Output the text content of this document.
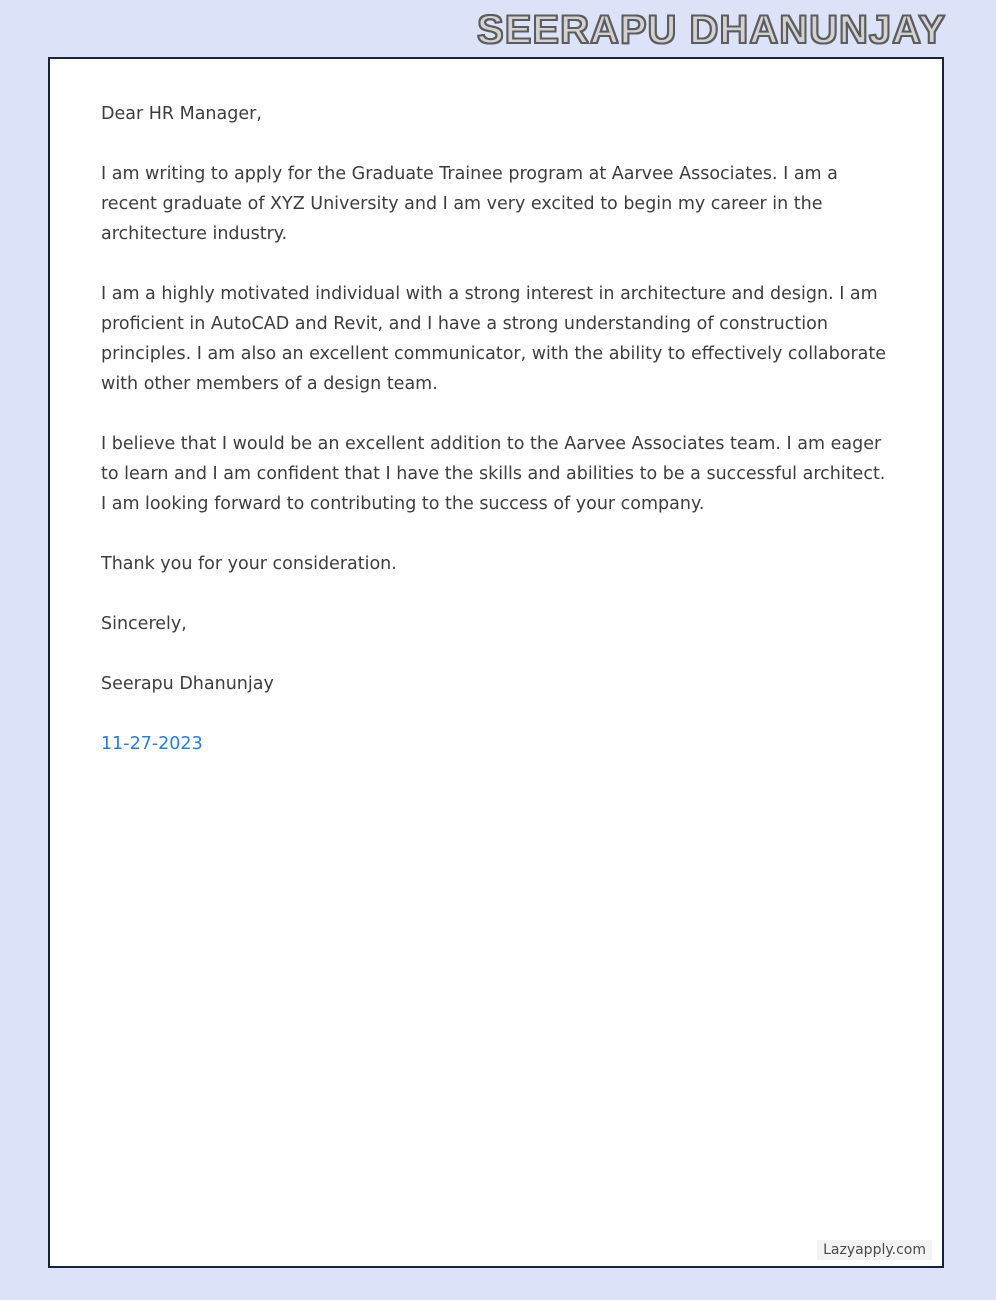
SEERAPU DHANUNJAY

Dear HR Manager,

I am writing to apply for the Graduate Trainee program at Aarvee Associates. I am a recent graduate of XYZ University and I am very excited to begin my career in the architecture industry.

I am a highly motivated individual with a strong interest in architecture and design. I am proficient in AutoCAD and Revit, and I have a strong understanding of construction principles. I am also an excellent communicator, with the ability to effectively collaborate with other members of a design team.

I believe that I would be an excellent addition to the Aarvee Associates team. I am eager to learn and I am confident that I have the skills and abilities to be a successful architect. I am looking forward to contributing to the success of your company.

Thank you for your consideration.

Sincerely,

Seerapu Dhanunjay

11-27-2023

Lazyapply.com
